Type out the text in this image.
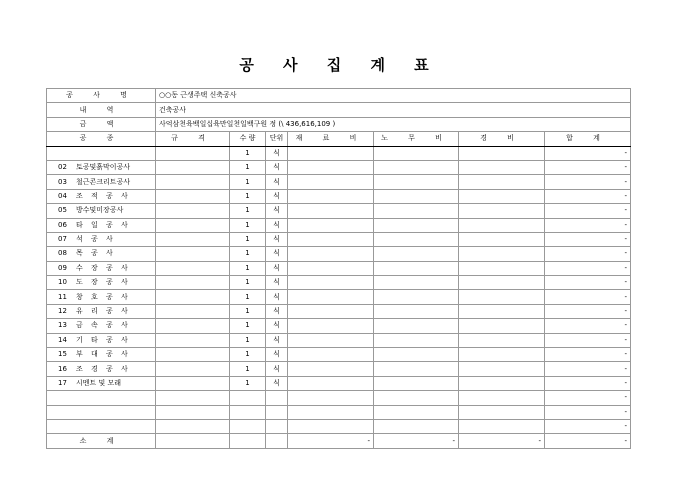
공 사 집 계 표
공 사 명	○○동 근생주택 신축공사						
내 역	건축공사						
금 액	사억삼천육백일십육만일천일백구원 정 (\ 436,616,109 )						
공 종	규 격	수 량	단위	재 료 비	노 무 비	경 비	합 계
		1	식				-
02 토공및흙막이공사		1	식				-
03 철근콘크리트공사		1	식				-
04 조 적 공 사		1	식				-
05 방수및미장공사		1	식				-
06 타 일 공 사		1	식				-
07 석 공 사		1	식				-
08 목 공 사		1	식				-
09 수 장 공 사		1	식				-
10 도 장 공 사		1	식				-
11 창 호 공 사		1	식				-
12 유 리 공 사		1	식				-
13 금 속 공 사		1	식				-
14 기 타 공 사		1	식				-
15 부 대 공 사		1	식				-
16 조 경 공 사		1	식				-
17 시멘트 및 모래		1	식				-
							-
							-
							-
소 계				-	-	-	-
